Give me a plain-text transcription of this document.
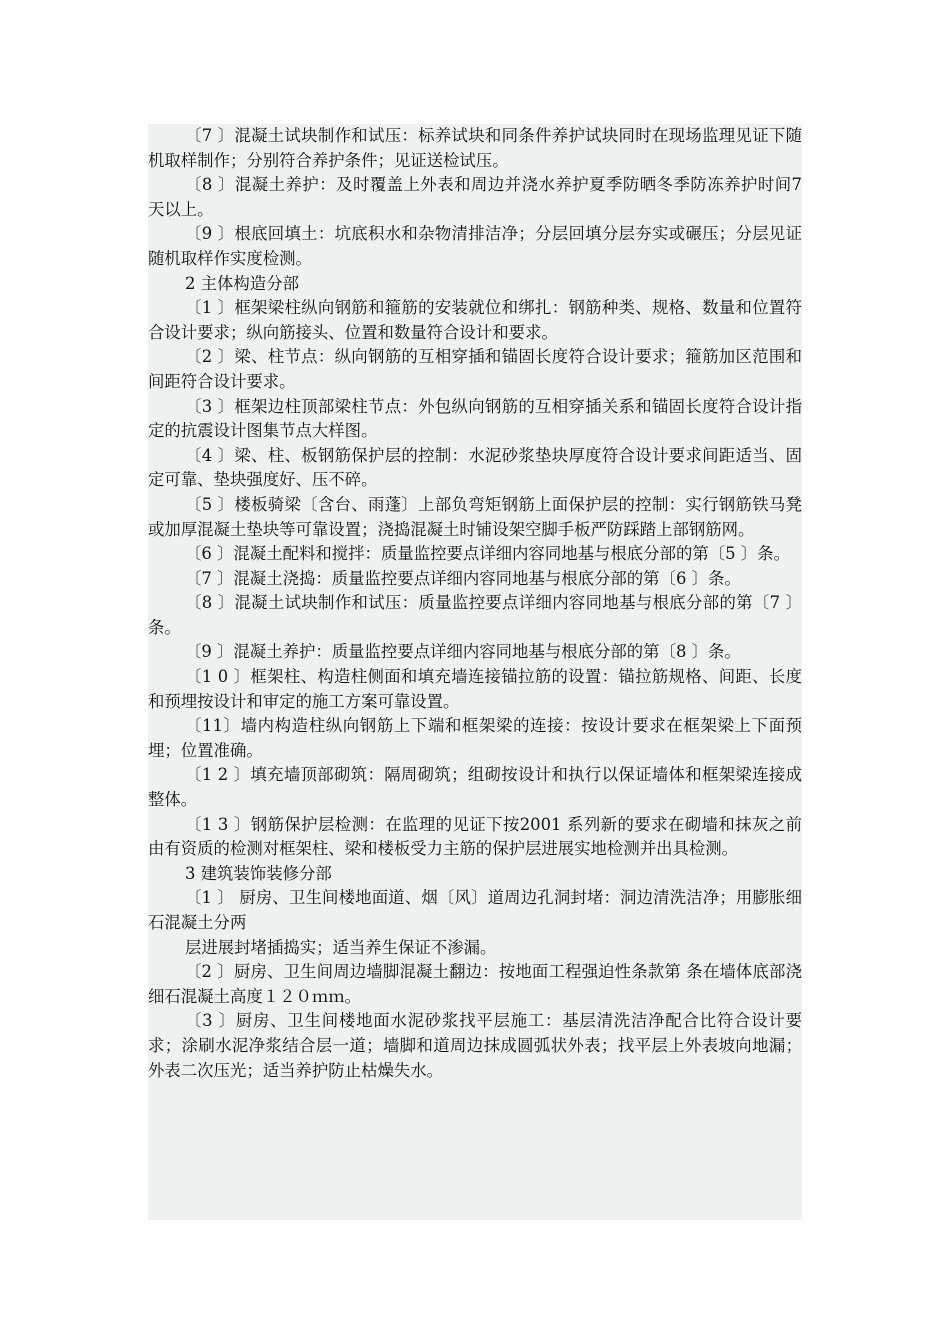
〔7 〕混凝土试块制作和试压：标养试块和同条件养护试块同时在现场监理见证下随机取样制作；分别符合养护条件；见证送检试压。

〔8 〕混凝土养护：及时覆盖上外表和周边并浇水养护夏季防晒冬季防冻养护时间7 天以上。

〔9 〕根底回填土：坑底积水和杂物清排洁净；分层回填分层夯实或碾压；分层见证随机取样作实度检测。

2 主体构造分部

〔1 〕框架梁柱纵向钢筋和箍筋的安装就位和绑扎：钢筋种类、规格、数量和位置符合设计要求；纵向筋接头、位置和数量符合设计和要求。

〔2 〕梁、柱节点：纵向钢筋的互相穿插和锚固长度符合设计要求；箍筋加区范围和间距符合设计要求。

〔3 〕框架边柱顶部梁柱节点：外包纵向钢筋的互相穿插关系和锚固长度符合设计指定的抗震设计图集节点大样图。

〔4 〕梁、柱、板钢筋保护层的控制：水泥砂浆垫块厚度符合设计要求间距适当、固定可靠、垫块强度好、压不碎。

〔5 〕楼板骑梁〔含台、雨蓬〕上部负弯矩钢筋上面保护层的控制：实行钢筋铁马凳或加厚混凝土垫块等可靠设置；浇捣混凝土时铺设架空脚手板严防踩踏上部钢筋网。

〔6 〕混凝土配料和搅拌：质量监控要点详细内容同地基与根底分部的第〔5 〕条。

〔7 〕混凝土浇捣：质量监控要点详细内容同地基与根底分部的第〔6 〕条。

〔8 〕混凝土试块制作和试压：质量监控要点详细内容同地基与根底分部的第〔7 〕条。

〔9 〕混凝土养护：质量监控要点详细内容同地基与根底分部的第〔8 〕条。

〔1 0 〕框架柱、构造柱侧面和填充墙连接锚拉筋的设置：锚拉筋规格、间距、长度和预埋按设计和审定的施工方案可靠设置。

〔11〕墙内构造柱纵向钢筋上下端和框架梁的连接：按设计要求在框架梁上下面预埋；位置准确。

〔1 2 〕填充墙顶部砌筑：隔周砌筑；组砌按设计和执行以保证墙体和框架梁连接成整体。

〔1 3 〕钢筋保护层检测：在监理的见证下按2001 系列新的要求在砌墙和抹灰之前由有资质的检测对框架柱、梁和楼板受力主筋的保护层进展实地检测并出具检测。

3 建筑装饰装修分部

〔1 〕 厨房、卫生间楼地面道、烟〔风〕道周边孔洞封堵：洞边清洗洁净；用膨胀细石混凝土分两

层进展封堵插捣实；适当养生保证不渗漏。

〔2 〕厨房、卫生间周边墙脚混凝土翻边：按地面工程强迫性条款第 条在墙体底部浇细石混凝土高度１２０ｍｍ。

〔3 〕厨房、卫生间楼地面水泥砂浆找平层施工：基层清洗洁净配合比符合设计要求；涂刷水泥净浆结合层一道；墙脚和道周边抹成圆弧状外表；找平层上外表坡向地漏；外表二次压光；适当养护防止枯燥失水。
